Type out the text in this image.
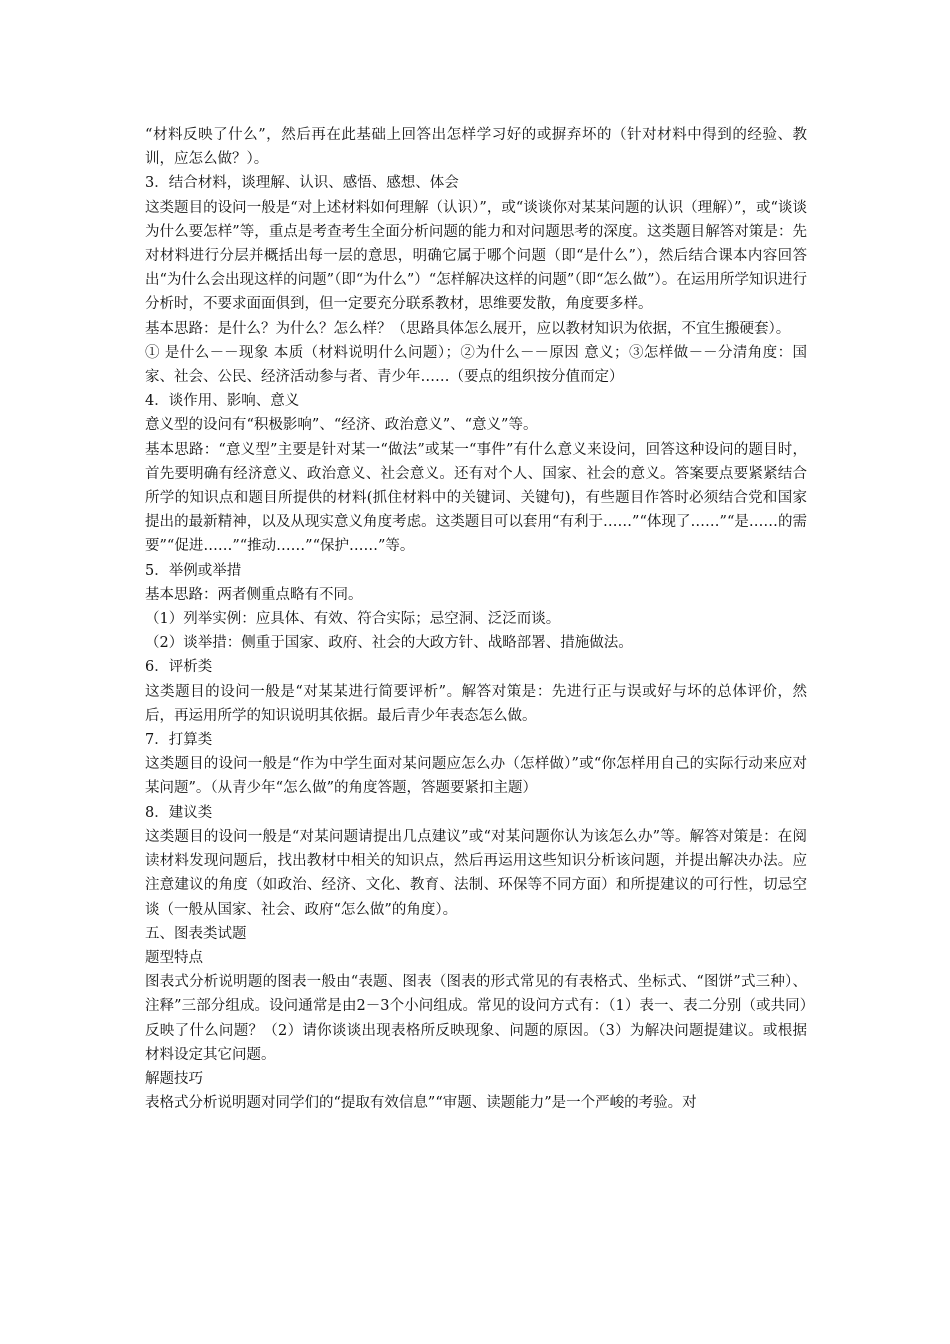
“材料反映了什么”，然后再在此基础上回答出怎样学习好的或摒弃坏的（针对材料中得到的经验、教训，应怎么做？）。

3．结合材料，谈理解、认识、感悟、感想、体会

这类题目的设问一般是“对上述材料如何理解（认识）”，或“谈谈你对某某问题的认识（理解）”，或“谈谈为什么要怎样”等，重点是考查考生全面分析问题的能力和对问题思考的深度。这类题目解答对策是：先对材料进行分层并概括出每一层的意思，明确它属于哪个问题（即“是什么”），然后结合课本内容回答出“为什么会出现这样的问题”（即“为什么”）“怎样解决这样的问题”（即“怎么做”）。在运用所学知识进行分析时，不要求面面俱到，但一定要充分联系教材，思维要发散，角度要多样。

基本思路：是什么？为什么？怎么样？（思路具体怎么展开，应以教材知识为依据，不宜生搬硬套）。

① 是什么－－现象 本质（材料说明什么问题）；②为什么－－原因 意义；③怎样做－－分清角度：国家、社会、公民、经济活动参与者、青少年……（要点的组织按分值而定）

4．谈作用、影响、意义

意义型的设问有“积极影响”、“经济、政治意义”、“意义”等。

基本思路：“意义型”主要是针对某一“做法”或某一“事件”有什么意义来设问，回答这种设问的题目时，首先要明确有经济意义、政治意义、社会意义。还有对个人、国家、社会的意义。答案要点要紧紧结合所学的知识点和题目所提供的材料(抓住材料中的关键词、关键句)，有些题目作答时必须结合党和国家提出的最新精神，以及从现实意义角度考虑。这类题目可以套用“有利于……”“体现了……”“是……的需要”“促进……”“推动……”“保护……”等。

5．举例或举措

基本思路：两者侧重点略有不同。

（1）列举实例：应具体、有效、符合实际；忌空洞、泛泛而谈。

（2）谈举措：侧重于国家、政府、社会的大政方针、战略部署、措施做法。

6．评析类

这类题目的设问一般是“对某某进行简要评析”。解答对策是：先进行正与误或好与坏的总体评价，然后，再运用所学的知识说明其依据。最后青少年表态怎么做。

7．打算类

这类题目的设问一般是“作为中学生面对某问题应怎么办（怎样做）”或“你怎样用自己的实际行动来应对某问题”。（从青少年“怎么做”的角度答题，答题要紧扣主题）

8．建议类

这类题目的设问一般是“对某问题请提出几点建议”或“对某问题你认为该怎么办”等。解答对策是：在阅读材料发现问题后，找出教材中相关的知识点，然后再运用这些知识分析该问题，并提出解决办法。应注意建议的角度（如政治、经济、文化、教育、法制、环保等不同方面）和所提建议的可行性，切忌空谈（一般从国家、社会、政府“怎么做”的角度）。

五、图表类试题

题型特点

图表式分析说明题的图表一般由“表题、图表（图表的形式常见的有表格式、坐标式、“图饼”式三种）、注释”三部分组成。设问通常是由2－3个小问组成。常见的设问方式有：（1）表一、表二分别（或共同）反映了什么问题？（2）请你谈谈出现表格所反映现象、问题的原因。（3）为解决问题提建议。或根据材料设定其它问题。

解题技巧

表格式分析说明题对同学们的“提取有效信息”“审题、读题能力”是一个严峻的考验。对
